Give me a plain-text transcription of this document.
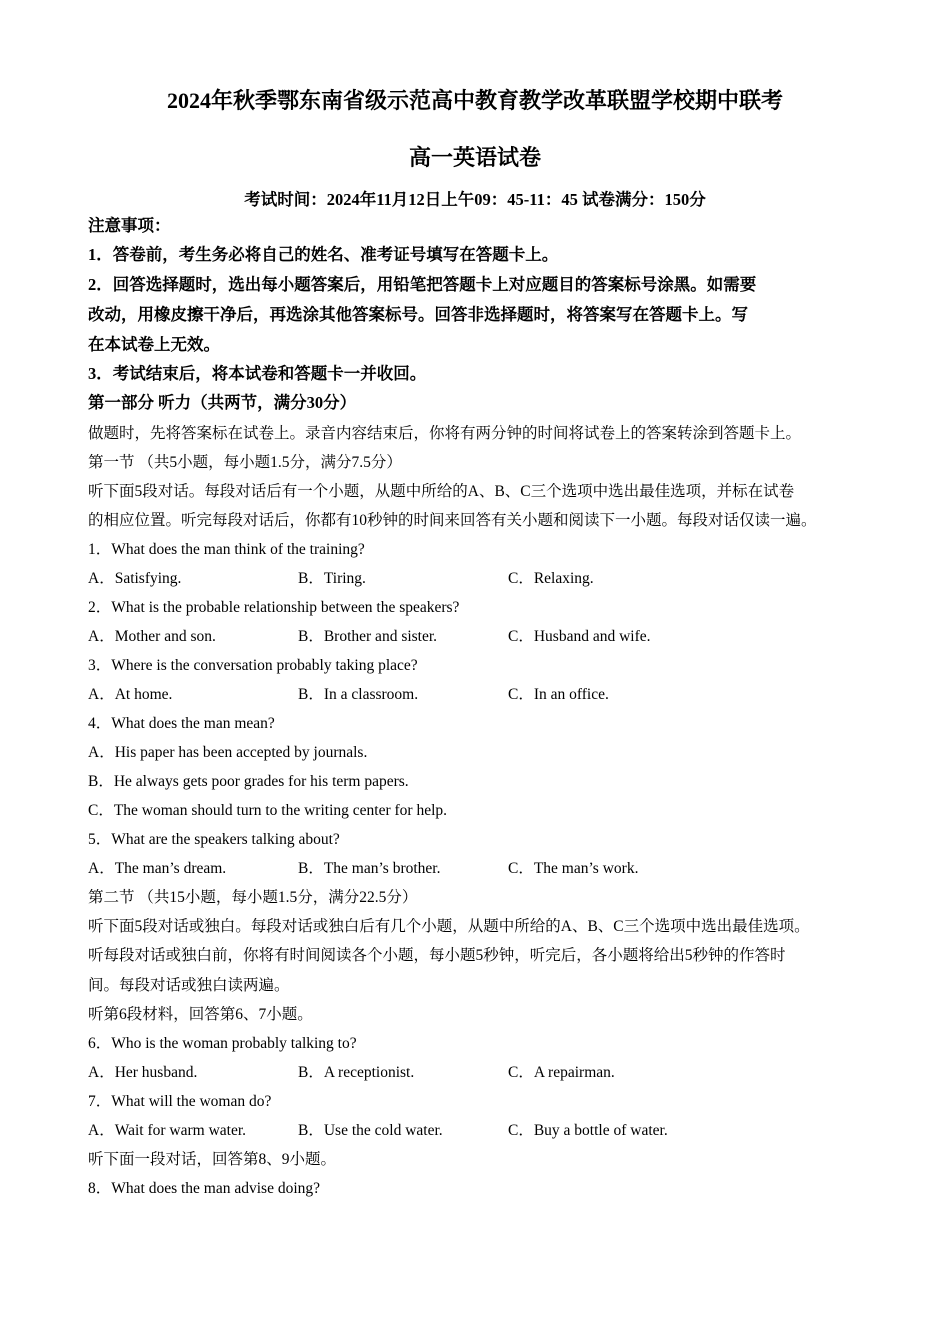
2024年秋季鄂东南省级示范高中教育教学改革联盟学校期中联考
高一英语试卷
考试时间：2024年11月12日上午09：45-11：45 试卷满分：150分
注意事项：
1．答卷前，考生务必将自己的姓名、准考证号填写在答题卡上。
2．回答选择题时，选出每小题答案后，用铅笔把答题卡上对应题目的答案标号涂黑。如需要
改动，用橡皮擦干净后，再选涂其他答案标号。回答非选择题时，将答案写在答题卡上。写
在本试卷上无效。
3．考试结束后，将本试卷和答题卡一并收回。
第一部分 听力（共两节，满分30分）
做题时，先将答案标在试卷上。录音内容结束后，你将有两分钟的时间将试卷上的答案转涂到答题卡上。
第一节 （共5小题，每小题1.5分，满分7.5分）
听下面5段对话。每段对话后有一个小题，从题中所给的A、B、C三个选项中选出最佳选项，并标在试卷
的相应位置。听完每段对话后，你都有10秒钟的时间来回答有关小题和阅读下一小题。每段对话仅读一遍。
1．What does the man think of the training?
A．Satisfying.	B．Tiring.	C．Relaxing.
2．What is the probable relationship between the speakers?
A．Mother and son.	B．Brother and sister.	C．Husband and wife.
3．Where is the conversation probably taking place?
A．At home.	B．In a classroom.	C．In an office.
4．What does the man mean?
A．His paper has been accepted by journals.
B．He always gets poor grades for his term papers.
C．The woman should turn to the writing center for help.
5．What are the speakers talking about?
A．The man’s dream.	B．The man’s brother.	C．The man’s work.
第二节 （共15小题，每小题1.5分，满分22.5分）
听下面5段对话或独白。每段对话或独白后有几个小题，从题中所给的A、B、C三个选项中选出最佳选项。
听每段对话或独白前，你将有时间阅读各个小题，每小题5秒钟，听完后，各小题将给出5秒钟的作答时
间。每段对话或独白读两遍。
听第6段材料，回答第6、7小题。
6．Who is the woman probably talking to?
A．Her husband.	B．A receptionist.	C．A repairman.
7．What will the woman do?
A．Wait for warm water.	B．Use the cold water.	C．Buy a bottle of water.
听下面一段对话，回答第8、9小题。
8．What does the man advise doing?
